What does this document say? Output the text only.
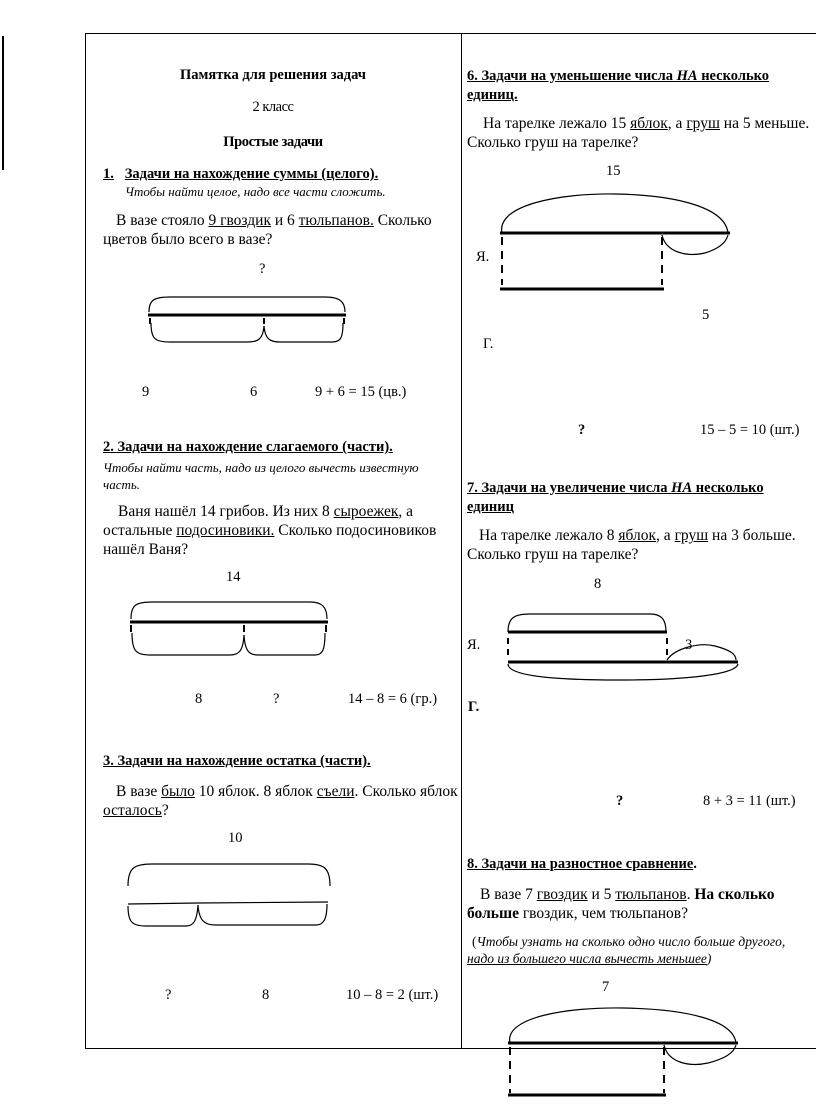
Памятка для решения задач
2 класс
Простые задачи
1. Задачи на нахождение суммы (целого).
Чтобы найти целое, надо все части сложить.
В вазе стояло 9 гвоздик и 6 тюльпанов. Сколько
цветов было всего в вазе?
?
9	6	9 + 6 = 15 (цв.)
2. Задачи на нахождение слагаемого (части).
Чтобы найти часть, надо из целого вычесть известную
часть.
Ваня нашёл 14 грибов. Из них 8 сыроежек, а
остальные подосиновики. Сколько подосиновиков
нашёл Ваня?
14
8	?	14 – 8 = 6 (гр.)
3. Задачи на нахождение остатка (части).
В вазе было 10 яблок. 8 яблок съели. Сколько яблок
осталось?
10
?	8	10 – 8 = 2 (шт.)
6. Задачи на уменьшение числа НА несколько
единиц.
На тарелке лежало 15 яблок, а груш на 5 меньше.
Сколько груш на тарелке?
15
Я.
5
Г.
?	15 – 5 = 10 (шт.)
7. Задачи на увеличение числа НА несколько
единиц
На тарелке лежало 8 яблок, а груш на 3 больше.
Сколько груш на тарелке?
8
Я.	3
Г.
?	8 + 3 = 11 (шт.)
8. Задачи на разностное сравнение.
В вазе 7 гвоздик и 5 тюльпанов. На сколько
больше гвоздик, чем тюльпанов?
(Чтобы узнать на сколько одно число больше другого,
надо из большего числа вычесть меньшее)
7
